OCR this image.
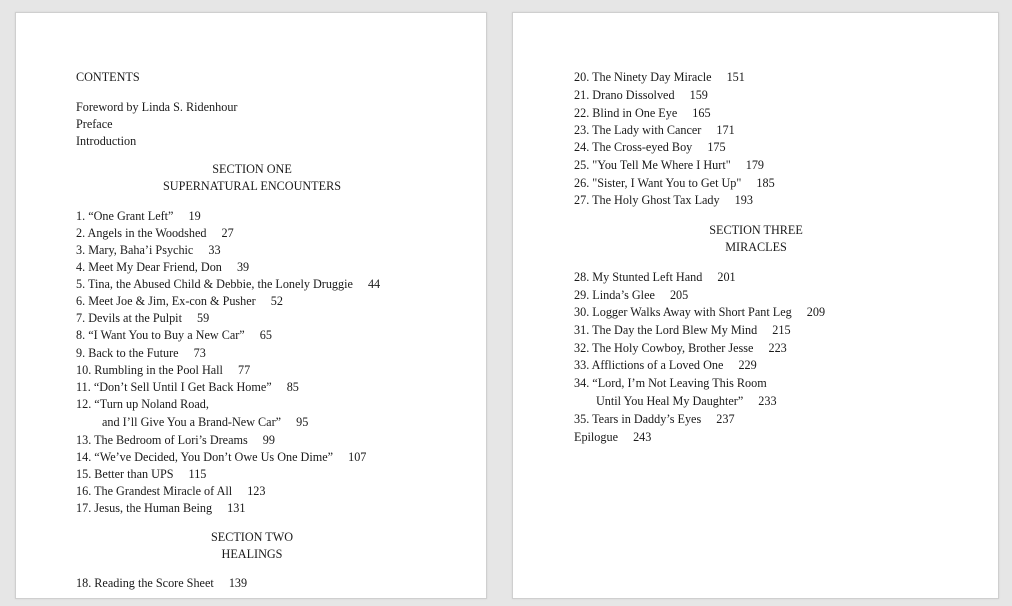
CONTENTS
Foreword by Linda S. Ridenhour
Preface
Introduction
SECTION ONE
SUPERNATURAL ENCOUNTERS
1. “One Grant Left” 19
2. Angels in the Woodshed 27
3. Mary, Baha’i Psychic 33
4. Meet My Dear Friend, Don 39
5. Tina, the Abused Child & Debbie, the Lonely Druggie 44
6. Meet Joe & Jim, Ex-con & Pusher 52
7. Devils at the Pulpit 59
8. “I Want You to Buy a New Car” 65
9. Back to the Future 73
10. Rumbling in the Pool Hall 77
11. “Don’t Sell Until I Get Back Home” 85
12. “Turn up Noland Road,
and I’ll Give You a Brand-New Car” 95
13. The Bedroom of Lori’s Dreams 99
14. “We’ve Decided, You Don’t Owe Us One Dime” 107
15. Better than UPS 115
16. The Grandest Miracle of All 123
17. Jesus, the Human Being 131
SECTION TWO
HEALINGS
18. Reading the Score Sheet 139
20. The Ninety Day Miracle 151
21. Drano Dissolved 159
22. Blind in One Eye 165
23. The Lady with Cancer 171
24. The Cross-eyed Boy 175
25. "You Tell Me Where I Hurt" 179
26. "Sister, I Want You to Get Up" 185
27. The Holy Ghost Tax Lady 193
SECTION THREE
MIRACLES
28. My Stunted Left Hand 201
29. Linda’s Glee 205
30. Logger Walks Away with Short Pant Leg 209
31. The Day the Lord Blew My Mind 215
32. The Holy Cowboy, Brother Jesse 223
33. Afflictions of a Loved One 229
34. “Lord, I’m Not Leaving This Room
Until You Heal My Daughter” 233
35. Tears in Daddy’s Eyes 237
Epilogue 243
